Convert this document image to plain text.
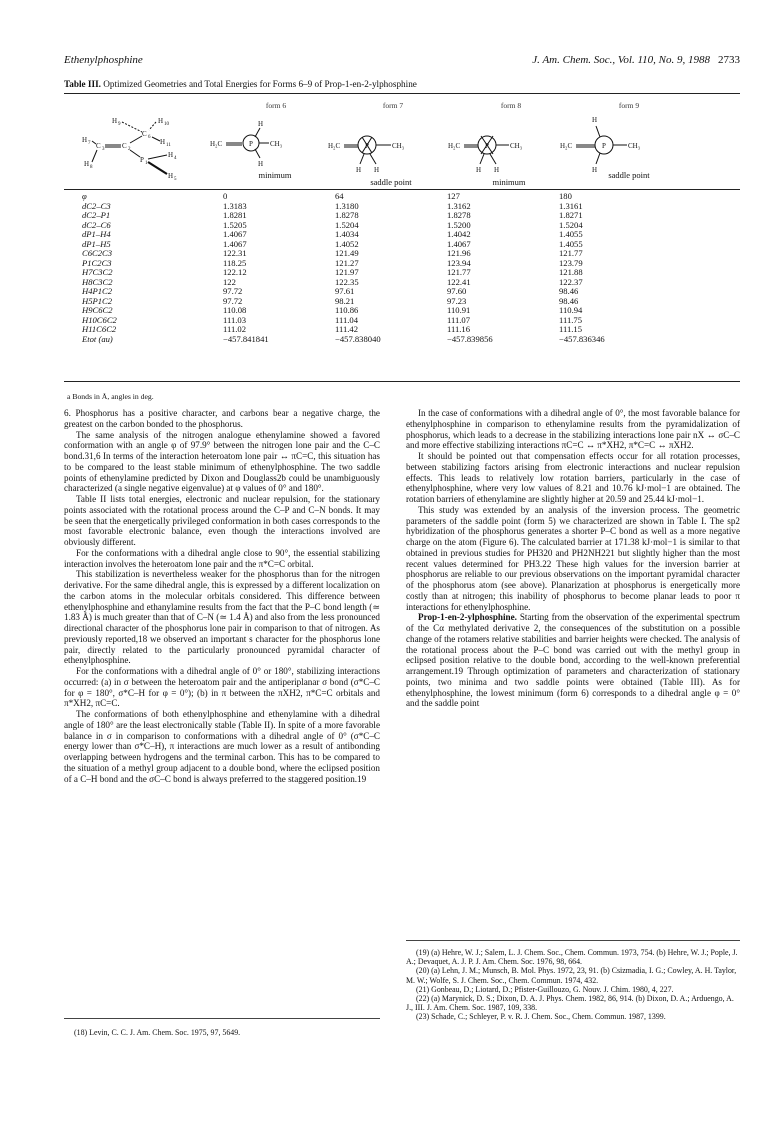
Ethenylphosphine	J. Am. Chem. Soc., Vol. 110, No. 9, 1988 2733
Table III. Optimized Geometries and Total Energies for Forms 6–9 of Prop-1-en-2-ylphosphine
form 6	form 7	form 8	form 9
H 9	H 10
H 7 C 3	C 2
C 6
H 11
H 4
H 8
P 1
H 5
H₂C	CH₃
H
H
P	H₂C	CH₃
H H
P	H₂C	CH₃
H H
P
H
H₂C	CH₃
H
P
minimum
saddle point	minimum
saddle point
φ	0	64	127	180
dC2–C3	1.3183	1.3180	1.3162	1.3161
dC2–P1	1.8281	1.8278	1.8278	1.8271
dC2–C6	1.5205	1.5204	1.5200	1.5204
dP1–H4	1.4067	1.4034	1.4042	1.4055
dP1–H5	1.4067	1.4052	1.4067	1.4055
C6C2C3	122.31	121.49	121.96	121.77
P1C2C3	118.25	121.27	123.94	123.79
H7C3C2	122.12	121.97	121.77	121.88
H8C3C2	122	122.35	122.41	122.37
H4P1C2	97.72	97.61	97.60	98.46
H5P1C2	97.72	98.21	97.23	98.46
H9C6C2	110.08	110.86	110.91	110.94
H10C6C2	111.03	111.04	111.07	111.75
H11C6C2	111.02	111.42	111.16	111.15
Etot (au)	−457.841841	−457.838040	−457.839856	−457.836346
a Bonds in Å, angles in deg.

6. Phosphorus has a positive character, and carbons bear a negative charge, the greatest on the carbon bonded to the phosphorus.

The same analysis of the nitrogen analogue ethenylamine showed a favored conformation with an angle φ of 97.9° between the nitrogen lone pair and the C–C bond.31,6 In terms of the interaction heteroatom lone pair ↔ πC=C, this situation has to be compared to the least stable minimum of ethenylphosphine. The two saddle points of ethenylamine predicted by Dixon and Douglass2b could be unambiguously characterized (a single negative eigenvalue) at φ values of 0° and 180°.

Table II lists total energies, electronic and nuclear repulsion, for the stationary points associated with the rotational process around the C–P and C–N bonds. It may be seen that the energetically privileged conformation in both cases corresponds to the most favorable electronic balance, even though the interactions involved are obviously different.

For the conformations with a dihedral angle close to 90°, the essential stabilizing interaction involves the heteroatom lone pair and the π*C=C orbital.

This stabilization is nevertheless weaker for the phosphorus than for the nitrogen derivative. For the same dihedral angle, this is expressed by a different localization on the carbon atoms in the molecular orbitals considered. This difference between ethenylphosphine and ethanylamine results from the fact that the P–C bond length (≃ 1.83 Å) is much greater than that of C–N (≃ 1.4 Å) and also from the less pronounced directional character of the phosphorus lone pair in comparison to that of nitrogen. As previously reported,18 we observed an important s character for the phosphorus lone pair, directly related to the particularly pronounced pyramidal character of ethenylphosphine.

For the conformations with a dihedral angle of 0° or 180°, stabilizing interactions occurred: (a) in σ between the heteroatom pair and the antiperiplanar σ bond (σ*C–C for φ = 180°, σ*C–H for φ = 0°); (b) in π between the πXH2, π*C=C orbitals and π*XH2, πC=C.

The conformations of both ethenylphosphine and ethenylamine with a dihedral angle of 180° are the least electronically stable (Table II). In spite of a more favorable balance in σ in comparison to conformations with a dihedral angle of 0° (σ*C–C energy lower than σ*C–H), π interactions are much lower as a result of antibonding overlapping between hydrogens and the terminal carbon. This has to be compared to the situation of a methyl group adjacent to a double bond, where the eclipsed position of a C–H bond and the σC–C bond is always preferred to the staggered position.19

(18) Levin, C. C. J. Am. Chem. Soc. 1975, 97, 5649.

In the case of conformations with a dihedral angle of 0°, the most favorable balance for ethenylphosphine in comparison to ethenylamine results from the pyramidalization of phosphorus, which leads to a decrease in the stabilizing interactions lone pair nX ↔ σC–C and more effective stabilizing interactions πC=C ↔ π*XH2, π*C=C ↔ πXH2.

It should be pointed out that compensation effects occur for all rotation processes, between stabilizing factors arising from electronic interactions and nuclear repulsion effects. This leads to relatively low rotation barriers, particularly in the case of ethenylphosphine, where very low values of 8.21 and 10.76 kJ·mol−1 are obtained. The rotation barriers of ethenylamine are slightly higher at 20.59 and 25.44 kJ·mol−1.

This study was extended by an analysis of the inversion process. The geometric parameters of the saddle point (form 5) we characterized are shown in Table I. The sp2 hybridization of the phosphorus generates a shorter P–C bond as well as a more negative charge on the atom (Figure 6). The calculated barrier at 171.38 kJ·mol−1 is similar to that obtained in previous studies for PH320 and PH2NH221 but slightly higher than the most recent values determined for PH3.22 These high values for the inversion barrier at phosphorus are reliable to our previous observations on the important pyramidal character of the phosphorus atom (see above). Planarization at phosphorus is energetically more costly than at nitrogen; this inability of phosphorus to become planar leads to poor π interactions for ethenylphosphine.

Prop-1-en-2-ylphosphine. Starting from the observation of the experimental spectrum of the Cα methylated derivative 2, the consequences of the substitution on a possible change of the rotamers relative stabilities and barrier heights were checked. The analysis of the rotational process about the P–C bond was carried out with the methyl group in eclipsed position relative to the double bond, according to the well-known preferential arrangement.19 Through optimization of parameters and characterization of stationary points, two minima and two saddle points were obtained (Table III). As for ethenylphosphine, the lowest minimum (form 6) corresponds to a dihedral angle φ = 0° and the saddle point

(19) (a) Hehre, W. J.; Salem, L. J. Chem. Soc., Chem. Commun. 1973, 754. (b) Hehre, W. J.; Pople, J. A.; Devaquet, A. J. P. J. Am. Chem. Soc. 1976, 98, 664.

(20) (a) Lehn, J. M.; Munsch, B. Mol. Phys. 1972, 23, 91. (b) Csizmadia, I. G.; Cowley, A. H. Taylor, M. W.; Wolfe, S. J. Chem. Soc., Chem. Commun. 1974, 432.

(21) Gonbeau, D.; Liotard, D.; Pfister-Guillouzo, G. Nouv. J. Chim. 1980, 4, 227.

(22) (a) Marynick, D. S.; Dixon, D. A. J. Phys. Chem. 1982, 86, 914. (b) Dixon, D. A.; Arduengo, A. J., III. J. Am. Chem. Soc. 1987, 109, 338.

(23) Schade, C.; Schleyer, P. v. R. J. Chem. Soc., Chem. Commun. 1987, 1399.
